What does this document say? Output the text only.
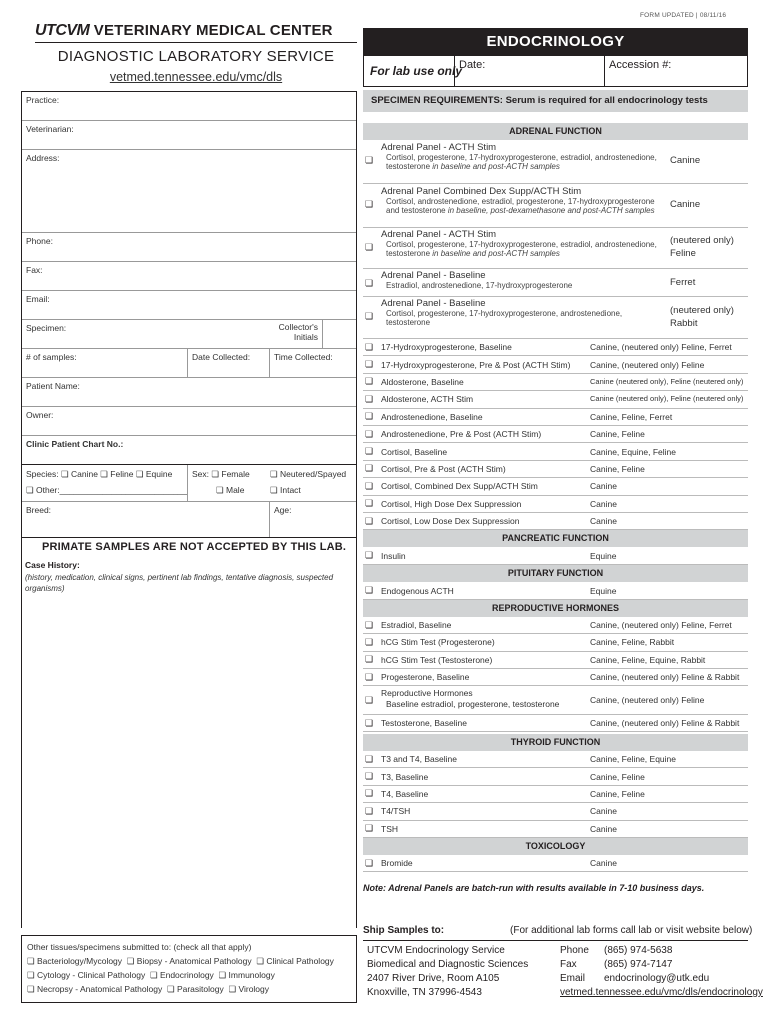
FORM UPDATED | 08/11/16
UTCVM VETERINARY MEDICAL CENTER
DIAGNOSTIC LABORATORY SERVICE
vetmed.tennessee.edu/vmc/dls
ENDOCRINOLOGY
For lab use only
Date:	Accession #:
Practice:
Veterinarian:
Address:
Phone:
Fax:
Email:
Specimen:	Collector's Initials
# of samples:	Date Collected:	Time Collected:
Patient Name:
Owner:
Clinic Patient Chart No.:
Species: ❏ Canine ❏ Feline ❏ Equine
❏ Other:___________________________
Sex: ❏ Female
❏ Male
❏ Neutered/Spayed
❏ Intact
Breed:	Age:
PRIMATE SAMPLES ARE NOT ACCEPTED BY THIS LAB.
Case History:
(history, medication, clinical signs, pertinent lab findings, tentative diagnosis, suspected organisms)
Other tissues/specimens submitted to: (check all that apply)
❏ Bacteriology/Mycology ❏ Biopsy - Anatomical Pathology ❏ Clinical Pathology
❏ Cytology - Clinical Pathology ❏ Endocrinology ❏ Immunology
❏ Necropsy - Anatomical Pathology ❏ Parasitology ❏ Virology
SPECIMEN REQUIREMENTS: Serum is required for all endocrinology tests
ADRENAL FUNCTION
❏
Adrenal Panel - ACTH Stim
Cortisol, progesterone, 17-hydroxyprogesterone, estradiol, androstenedione,
testosterone in baseline and post-ACTH samples
Canine
❏
Adrenal Panel Combined Dex Supp/ACTH Stim
Cortisol, androstenedione, estradiol, progesterone, 17-hydroxyprogesterone
and testosterone in baseline, post-dexamethasone and post-ACTH samples
Canine
❏
Adrenal Panel - ACTH Stim
Cortisol, progesterone, 17-hydroxyprogesterone, estradiol, androstenedione,
testosterone in baseline and post-ACTH samples
(neutered only)
Feline
❏
Adrenal Panel - Baseline
Estradiol, androstenedione, 17-hydroxyprogesterone	Ferret
❏
Adrenal Panel - Baseline
Cortisol, progesterone, 17-hydroxyprogesterone, androstenedione,
testosterone
(neutered only)
Rabbit
❏ 17-Hydroxyprogesterone, Baseline	Canine, (neutered only) Feline, Ferret
❏ 17-Hydroxyprogesterone, Pre & Post (ACTH Stim) Canine, (neutered only) Feline
❏ Aldosterone, Baseline	Canine (neutered only), Feline (neutered only)
❏ Aldosterone, ACTH Stim	Canine (neutered only), Feline (neutered only)
❏ Androstenedione, Baseline	Canine, Feline, Ferret
❏ Androstenedione, Pre & Post (ACTH Stim)	Canine, Feline
❏ Cortisol, Baseline	Canine, Equine, Feline
❏ Cortisol, Pre & Post (ACTH Stim)	Canine, Feline
❏ Cortisol, Combined Dex Supp/ACTH Stim	Canine
❏ Cortisol, High Dose Dex Suppression	Canine
❏ Cortisol, Low Dose Dex Suppression	Canine
PANCREATIC FUNCTION
❏ Insulin	Equine
PITUITARY FUNCTION
❏ Endogenous ACTH	Equine
REPRODUCTIVE HORMONES
❏ Estradiol, Baseline	Canine, (neutered only) Feline, Ferret
❏ hCG Stim Test (Progesterone)	Canine, Feline, Rabbit
❏ hCG Stim Test (Testosterone)	Canine, Feline, Equine, Rabbit
❏ Progesterone, Baseline	Canine, (neutered only) Feline & Rabbit
❏
Reproductive Hormones
Baseline estradiol, progesterone, testosterone	Canine, (neutered only) Feline
❏ Testosterone, Baseline	Canine, (neutered only) Feline & Rabbit
THYROID FUNCTION
❏ T3 and T4, Baseline	Canine, Feline, Equine
❏ T3, Baseline	Canine, Feline
❏ T4, Baseline	Canine, Feline
❏ T4/TSH	Canine
❏ TSH	Canine
TOXICOLOGY
❏ Bromide	Canine
Note: Adrenal Panels are batch-run with results available in 7-10 business days.
Ship Samples to:	(For additional lab forms call lab or visit website below)
UTCVM Endocrinology Service
Biomedical and Diagnostic Sciences
2407 River Drive, Room A105
Knoxville, TN 37996-4543
Phone (865) 974-5638
Fax	(865) 974-7147
Email endocrinology@utk.edu
vetmed.tennessee.edu/vmc/dls/endocrinology
